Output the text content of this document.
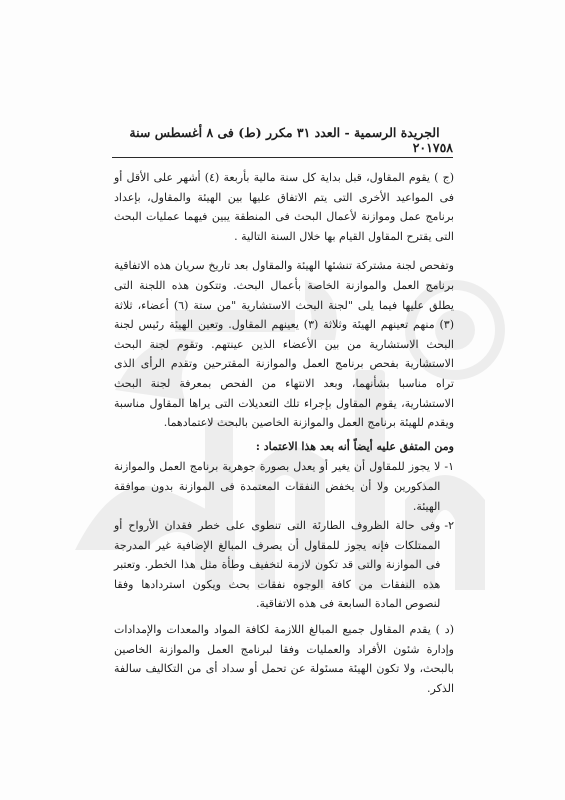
٥٨
الجريدة الرسمية - العدد ٣١ مكرر (ط) فى ٨ أغسطس سنة ٢٠١٧

(ج ) يقوم المقاول، قبل بداية كل سنة مالية بأربعة (٤) أشهر على الأقل أو فى المواعيد الأخرى التى يتم الاتفاق عليها بين الهيئة والمقاول، بإعداد برنامج عمل وموازنة لأعمال البحث فى المنطقة يبين فيهما عمليات البحث التى يقترح المقاول القيام بها خلال السنة التالية .

وتفحص لجنة مشتركة تنشئها الهيئة والمقاول بعد تاريخ سريان هذه الاتفاقية برنامج العمل والموازنة الخاصة بأعمال البحث. وتتكون هذه اللجنة التى يطلق عليها فيما يلى "لجنة البحث الاستشارية "من ستة (٦) أعضاء، ثلاثة (٣) منهم تعينهم الهيئة وثلاثة (٣) يعينهم المقاول. وتعين الهيئة رئيس لجنة البحث الاستشارية من بين الأعضاء الذين عينتهم. وتقوم لجنة البحث الاستشارية بفحص برنامج العمل والموازنة المقترحين وتقدم الرأى الذى تراه مناسبا بشأنهما، وبعد الانتهاء من الفحص بمعرفة لجنة البحث الاستشارية، يقوم المقاول بإجراء تلك التعديلات التى يراها المقاول مناسبة ويقدم للهيئة برنامج العمل والموازنة الخاصين بالبحث لاعتمادهما.

ومن المتفق عليه أيضاً أنه بعد هذا الاعتماد :

١-
لا يجوز للمقاول أن يغير أو يعدل بصورة جوهرية برنامج العمل والموازنة المذكورين ولا أن يخفض النفقات المعتمدة فى الموازنة بدون موافقة الهيئة.
٢-
وفى حالة الظروف الطارئة التى تنطوى على خطر فقدان الأرواح أو الممتلكات فإنه يجوز للمقاول أن يصرف المبالغ الإضافية غير المدرجة فى الموازنة والتى قد تكون لازمة لتخفيف وطأة مثل هذا الخطر. وتعتبر هذه النفقات من كافة الوجوه نفقات بحث ويكون استردادها وفقا لنصوص المادة السابعة فى هذه الاتفاقية.

(د ) يقدم المقاول جميع المبالغ اللازمة لكافة المواد والمعدات والإمدادات وإدارة شئون الأفراد والعمليات وفقا لبرنامج العمل والموازنة الخاصين بالبحث، ولا تكون الهيئة مسئولة عن تحمل أو سداد أى من التكاليف سالفة الذكر.
